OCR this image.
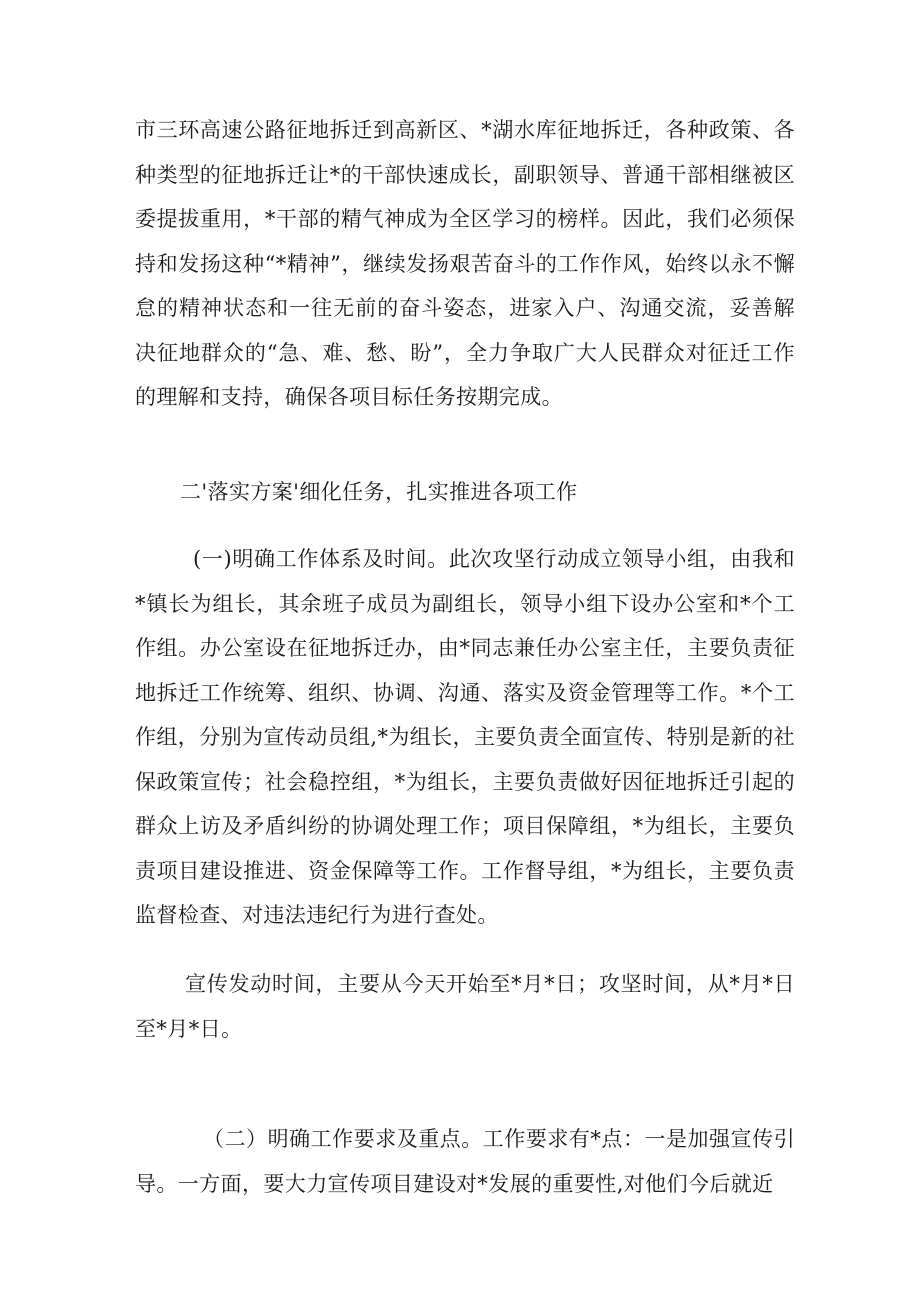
市三环高速公路征地拆迁到高新区、*湖水库征地拆迁，各种政策、各种类型的征地拆迁让*的干部快速成长，副职领导、普通干部相继被区委提拔重用，*干部的精气神成为全区学习的榜样。因此，我们必须保持和发扬这种“*精神”，继续发扬艰苦奋斗的工作作风，始终以永不懈怠的精神状态和一往无前的奋斗姿态，进家入户、沟通交流，妥善解决征地群众的“急、难、愁、盼”，全力争取广大人民群众对征迁工作的理解和支持，确保各项目标任务按期完成。

二'落实方案'细化任务，扎实推进各项工作

(一)明确工作体系及时间。此次攻坚行动成立领导小组，由我和*镇长为组长，其余班子成员为副组长，领导小组下设办公室和*个工作组。办公室设在征地拆迁办，由*同志兼任办公室主任，主要负责征地拆迁工作统筹、组织、协调、沟通、落实及资金管理等工作。*个工作组，分别为宣传动员组,*为组长，主要负责全面宣传、特别是新的社保政策宣传；社会稳控组，*为组长，主要负责做好因征地拆迁引起的群众上访及矛盾纠纷的协调处理工作；项目保障组，*为组长，主要负责项目建设推进、资金保障等工作。工作督导组，*为组长，主要负责监督检查、对违法违纪行为进行查处。

宣传发动时间，主要从今天开始至*月*日；攻坚时间，从*月*日至*月*日。

（二）明确工作要求及重点。工作要求有*点：一是加强宣传引导。一方面，要大力宣传项目建设对*发展的重要性,对他们今后就近
